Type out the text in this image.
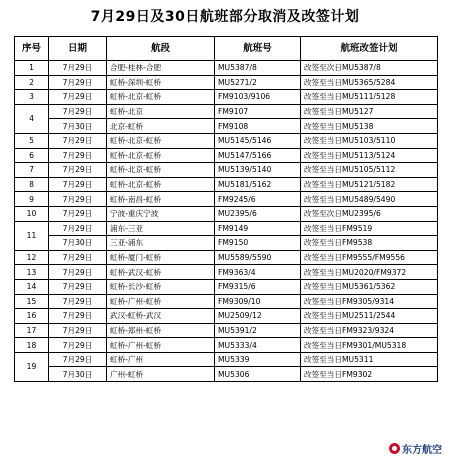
7月29日及30日航班部分取消及改签计划
序号	日期	航段	航班号	航班改签计划
1	7月29日	合肥-桂林-合肥	MU5387/8	改签至次日MU5387/8
2	7月29日	虹桥-深圳-虹桥	MU5271/2	改签至当日MU5365/5284
3	7月29日	虹桥-北京-虹桥	FM9103/9106	改签至当日MU5111/5128
4	7月29日	虹桥-北京	FM9107	改签至当日MU5127
	7月30日	北京-虹桥	FM9108	改签至当日MU5138
5	7月29日	虹桥-北京-虹桥	MU5145/5146	改签至当日MU5103/5110
6	7月29日	虹桥-北京-虹桥	MU5147/5166	改签至当日MU5113/5124
7	7月29日	虹桥-北京-虹桥	MU5139/5140	改签至当日MU5105/5112
8	7月29日	虹桥-北京-虹桥	MU5181/5162	改签至当日MU5121/5182
9	7月29日	虹桥-南昌-虹桥	FM9245/6	改签至当日MU5489/5490
10	7月29日	宁波-重庆宁波	MU2395/6	改签至次日MU2395/6
11	7月29日	浦东-三亚	FM9149	改签至当日FM9519
	7月30日	三亚-浦东	FM9150	改签至当日FM9538
12	7月29日	虹桥-厦门-虹桥	MU5589/5590	改签至当日FM9555/FM9556
13	7月29日	虹桥-武汉-虹桥	FM9363/4	改签至当日MU2020/FM9372
14	7月29日	虹桥-长沙-虹桥	FM9315/6	改签至当日MU5361/5362
15	7月29日	虹桥-广州-虹桥	FM9309/10	改签至当日FM9305/9314
16	7月29日	武汉-虹桥-武汉	MU2509/12	改签至当日MU2511/2544
17	7月29日	虹桥-郑州-虹桥	MU5391/2	改签至当日FM9323/9324
18	7月29日	虹桥-广州-虹桥	MU5333/4	改签至当日FM9301/MU5318
19	7月29日	虹桥-广州	MU5339	改签至当日MU5311
	7月30日	广州-虹桥	MU5306	改签至当日FM9302
东方航空
